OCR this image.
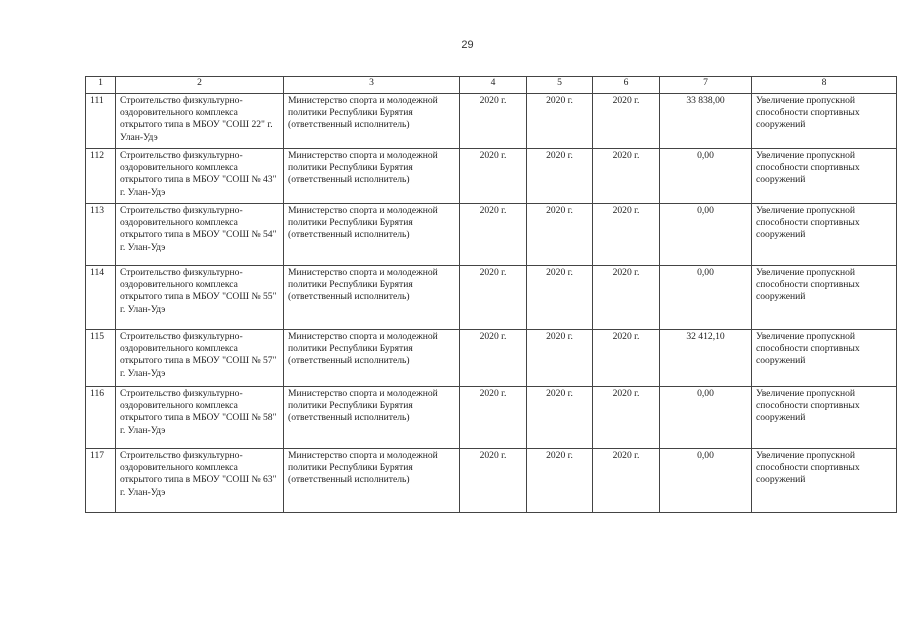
29
1	2	3	4	5	6	7	8
111	Строительство физкультурно-оздоровительного комплекса открытого типа в МБОУ "СОШ 22" г. Улан-Удэ	Министерство спорта и молодежной политики Республики Бурятия (ответственный исполнитель)	2020 г.	2020 г.	2020 г.	33 838,00	Увеличение пропускной способности спортивных сооружений
112	Строительство физкультурно-оздоровительного комплекса открытого типа в МБОУ "СОШ № 43" г. Улан-Удэ	Министерство спорта и молодежной политики Республики Бурятия (ответственный исполнитель)	2020 г.	2020 г.	2020 г.	0,00	Увеличение пропускной способности спортивных сооружений
113	Строительство физкультурно-оздоровительного комплекса открытого типа в МБОУ "СОШ № 54" г. Улан-Удэ	Министерство спорта и молодежной политики Республики Бурятия (ответственный исполнитель)	2020 г.	2020 г.	2020 г.	0,00	Увеличение пропускной способности спортивных сооружений
114	Строительство физкультурно-оздоровительного комплекса открытого типа в МБОУ "СОШ № 55" г. Улан-Удэ	Министерство спорта и молодежной политики Республики Бурятия (ответственный исполнитель)	2020 г.	2020 г.	2020 г.	0,00	Увеличение пропускной способности спортивных сооружений
115	Строительство физкультурно-оздоровительного комплекса открытого типа в МБОУ "СОШ № 57" г. Улан-Удэ	Министерство спорта и молодежной политики Республики Бурятия (ответственный исполнитель)	2020 г.	2020 г.	2020 г.	32 412,10	Увеличение пропускной способности спортивных сооружений
116	Строительство физкультурно-оздоровительного комплекса открытого типа в МБОУ "СОШ № 58" г. Улан-Удэ	Министерство спорта и молодежной политики Республики Бурятия (ответственный исполнитель)	2020 г.	2020 г.	2020 г.	0,00	Увеличение пропускной способности спортивных сооружений
117	Строительство физкультурно-оздоровительного комплекса открытого типа в МБОУ "СОШ № 63" г. Улан-Удэ	Министерство спорта и молодежной политики Республики Бурятия (ответственный исполнитель)	2020 г.	2020 г.	2020 г.	0,00	Увеличение пропускной способности спортивных сооружений
